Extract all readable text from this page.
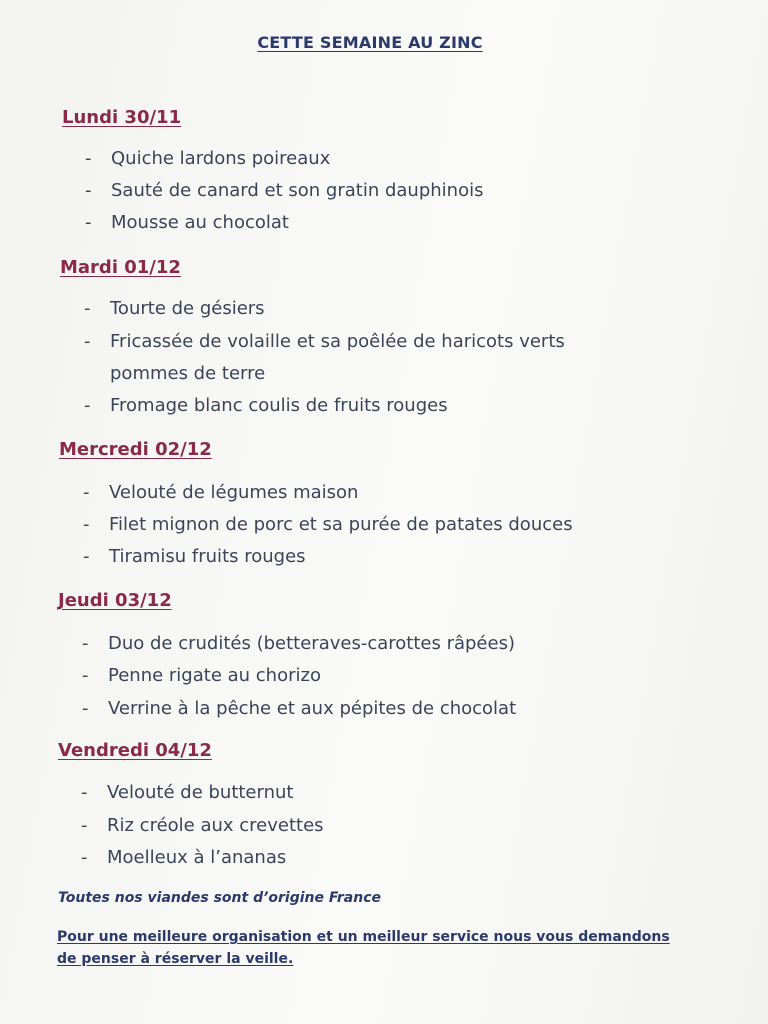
CETTE SEMAINE AU ZINC
Lundi 30/11
- Quiche lardons poireaux
- Sauté de canard et son gratin dauphinois
- Mousse au chocolat
Mardi 01/12
- Tourte de gésiers
- Fricassée de volaille et sa poêlée de haricots verts
pommes de terre
- Fromage blanc coulis de fruits rouges
Mercredi 02/12
- Velouté de légumes maison
- Filet mignon de porc et sa purée de patates douces
- Tiramisu fruits rouges
Jeudi 03/12
- Duo de crudités (betteraves-carottes râpées)
- Penne rigate au chorizo
- Verrine à la pêche et aux pépites de chocolat
Vendredi 04/12
- Velouté de butternut
- Riz créole aux crevettes
- Moelleux à l’ananas
Toutes nos viandes sont d’origine France
Pour une meilleure organisation et un meilleur service nous vous demandons
de penser à réserver la veille.
